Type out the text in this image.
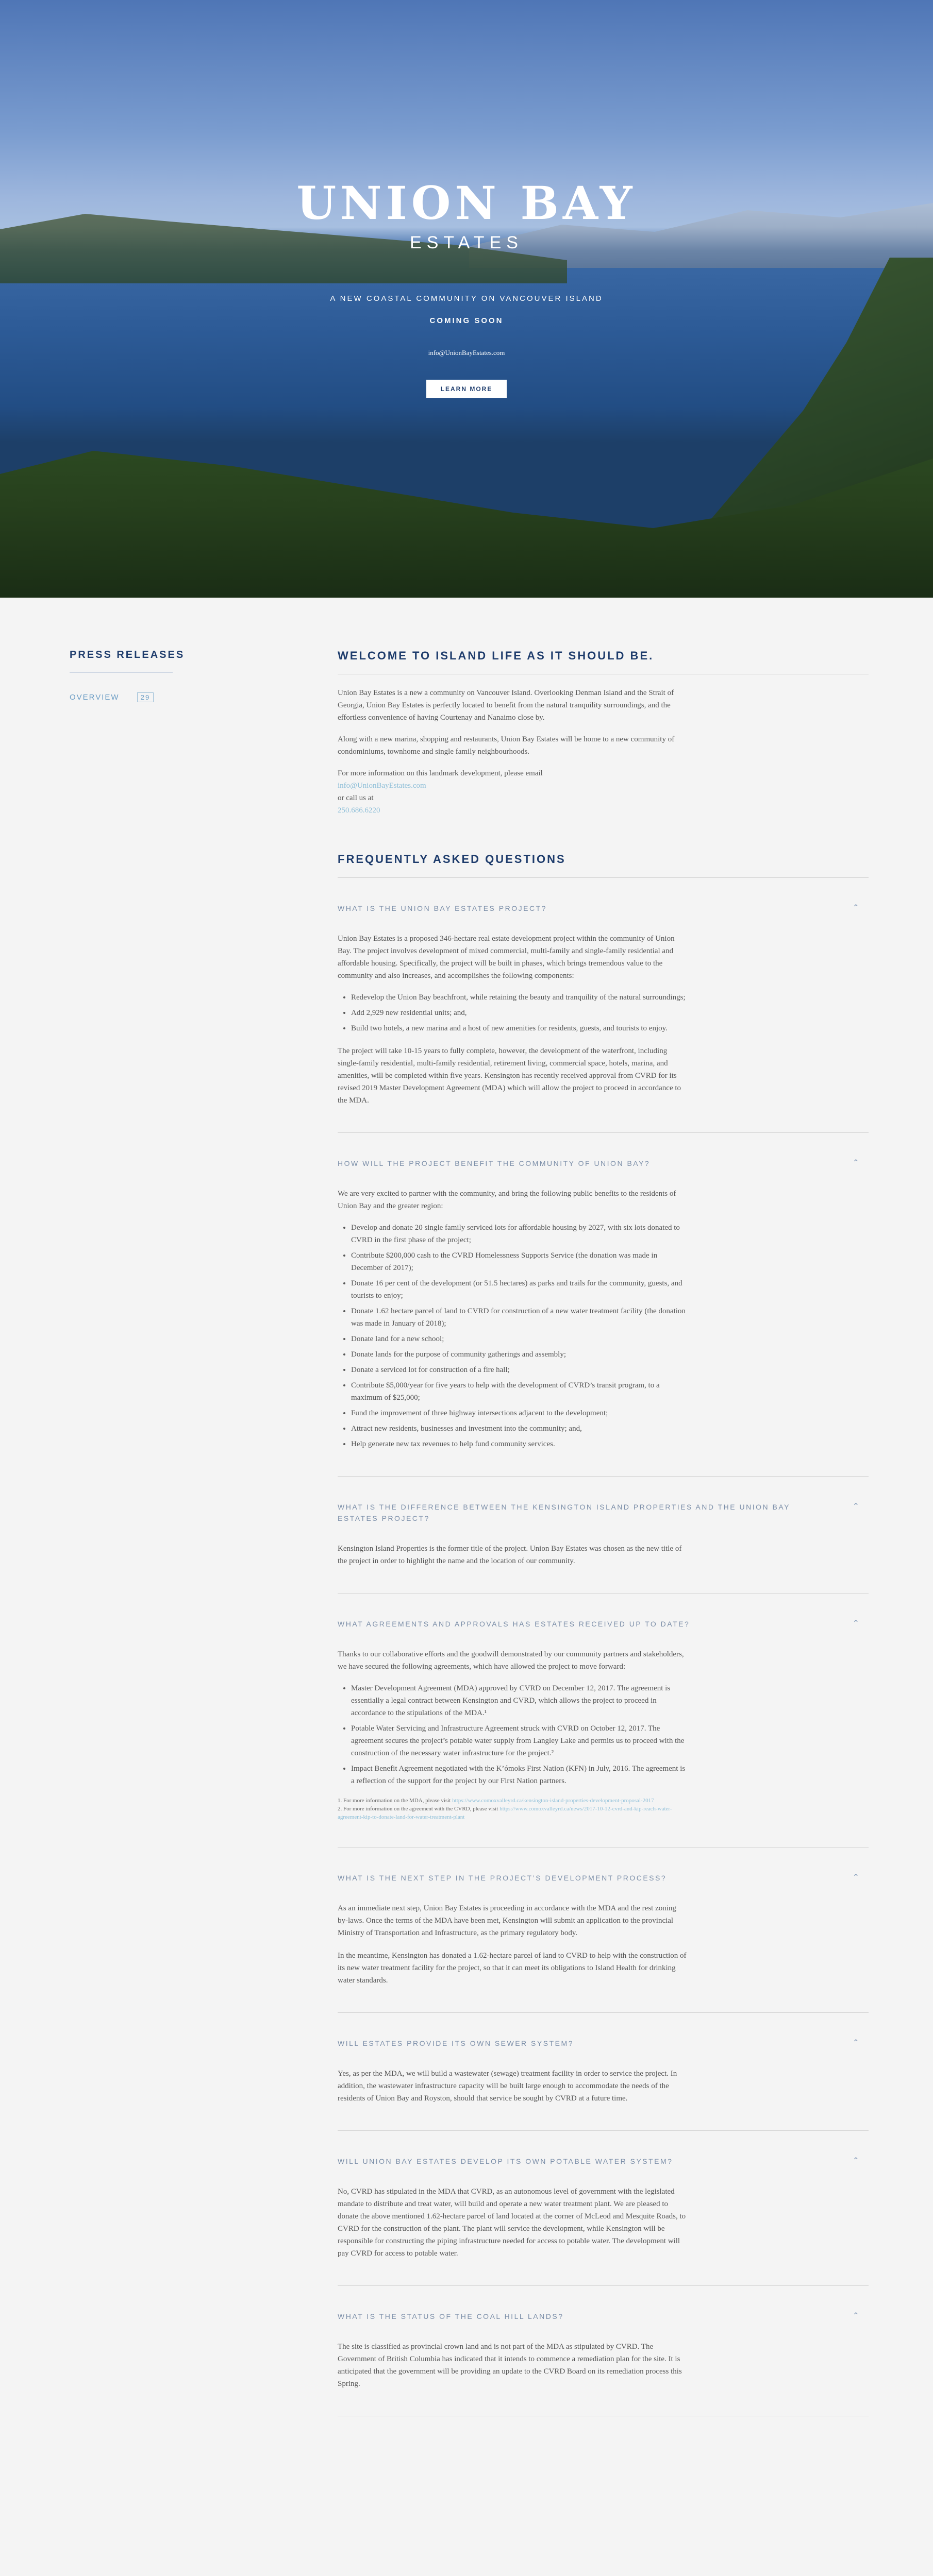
UNION BAY
ESTATES
A NEW COASTAL COMMUNITY ON VANCOUVER ISLAND
COMING SOON
info@UnionBayEstates.com
LEARN MORE
PRESS RELEASES
OVERVIEW	29
WELCOME TO ISLAND LIFE AS IT SHOULD BE.

Union Bay Estates is a new a community on Vancouver Island. Overlooking Denman Island and the Strait of Georgia, Union Bay Estates is perfectly located to benefit from the natural tranquility surroundings, and the effortless convenience of having Courtenay and Nanaimo close by.

Along with a new marina, shopping and restaurants, Union Bay Estates will be home to a new community of condominiums, townhome and single family neighbourhoods.

For more information on this landmark development, please email
info@UnionBayEstates.com
or call us at
250.686.6220

FREQUENTLY ASKED QUESTIONS
WHAT IS THE UNION BAY ESTATES PROJECT?	⌃

Union Bay Estates is a proposed 346-hectare real estate development project within the community of Union Bay. The project involves development of mixed commercial, multi-family and single-family residential and affordable housing. Specifically, the project will be built in phases, which brings tremendous value to the community and also increases, and accomplishes the following components:

• Redevelop the Union Bay beachfront, while retaining the beauty and tranquility of the natural surroundings;
• Add 2,929 new residential units; and,
• Build two hotels, a new marina and a host of new amenities for residents, guests, and tourists to enjoy.

The project will take 10-15 years to fully complete, however, the development of the waterfront, including single-family residential, multi-family residential, retirement living, commercial space, hotels, marina, and amenities, will be completed within five years. Kensington has recently received approval from CVRD for its revised 2019 Master Development Agreement (MDA) which will allow the project to proceed in accordance to the MDA.

HOW WILL THE PROJECT BENEFIT THE COMMUNITY OF UNION BAY?	⌃

We are very excited to partner with the community, and bring the following public benefits to the residents of Union Bay and the greater region:

• Develop and donate 20 single family serviced lots for affordable housing by 2027, with six lots donated to CVRD in the first phase of the project;
• Contribute $200,000 cash to the CVRD Homelessness Supports Service (the donation was made in December of 2017);
• Donate 16 per cent of the development (or 51.5 hectares) as parks and trails for the community, guests, and tourists to enjoy;
• Donate 1.62 hectare parcel of land to CVRD for construction of a new water treatment facility (the donation was made in January of 2018);
• Donate land for a new school;
• Donate lands for the purpose of community gatherings and assembly;
• Donate a serviced lot for construction of a fire hall;
• Contribute $5,000/year for five years to help with the development of CVRD’s transit program, to a maximum of $25,000;
• Fund the improvement of three highway intersections adjacent to the development;
• Attract new residents, businesses and investment into the community; and,
• Help generate new tax revenues to help fund community services.
WHAT IS THE DIFFERENCE BETWEEN THE KENSINGTON ISLAND PROPERTIES AND THE UNION BAY ESTATES PROJECT?
⌃

Kensington Island Properties is the former title of the project. Union Bay Estates was chosen as the new title of the project in order to highlight the name and the location of our community.

WHAT AGREEMENTS AND APPROVALS HAS ESTATES RECEIVED UP TO DATE?	⌃

Thanks to our collaborative efforts and the goodwill demonstrated by our community partners and stakeholders, we have secured the following agreements, which have allowed the project to move forward:

• Master Development Agreement (MDA) approved by CVRD on December 12, 2017. The agreement is essentially a legal contract between Kensington and CVRD, which allows the project to proceed in accordance to the stipulations of the MDA.¹
• Potable Water Servicing and Infrastructure Agreement struck with CVRD on October 12, 2017. The agreement secures the project’s potable water supply from Langley Lake and permits us to proceed with the construction of the necessary water infrastructure for the project.²
• Impact Benefit Agreement negotiated with the K’ómoks First Nation (KFN) in July, 2016. The agreement is a reflection of the support for the project by our First Nation partners.
1. For more information on the MDA, please visit https://www.comoxvalleyrd.ca/kensington-island-properties-development-proposal-2017
2. For more information on the agreement with the CVRD, please visit https://www.comoxvalleyrd.ca/news/2017-10-12-cvrd-and-kip-reach-water-agreement-kip-to-donate-land-for-water-treatment-plant
WHAT IS THE NEXT STEP IN THE PROJECT’S DEVELOPMENT PROCESS?	⌃

As an immediate next step, Union Bay Estates is proceeding in accordance with the MDA and the rest zoning by-laws. Once the terms of the MDA have been met, Kensington will submit an application to the provincial Ministry of Transportation and Infrastructure, as the primary regulatory body.

In the meantime, Kensington has donated a 1.62-hectare parcel of land to CVRD to help with the construction of its new water treatment facility for the project, so that it can meet its obligations to Island Health for drinking water standards.

WILL ESTATES PROVIDE ITS OWN SEWER SYSTEM?	⌃

Yes, as per the MDA, we will build a wastewater (sewage) treatment facility in order to service the project. In addition, the wastewater infrastructure capacity will be built large enough to accommodate the needs of the residents of Union Bay and Royston, should that service be sought by CVRD at a future time.

WILL UNION BAY ESTATES DEVELOP ITS OWN POTABLE WATER SYSTEM?	⌃

No, CVRD has stipulated in the MDA that CVRD, as an autonomous level of government with the legislated mandate to distribute and treat water, will build and operate a new water treatment plant. We are pleased to donate the above mentioned 1.62-hectare parcel of land located at the corner of McLeod and Mesquite Roads, to CVRD for the construction of the plant. The plant will service the development, while Kensington will be responsible for constructing the piping infrastructure needed for access to potable water. The development will pay CVRD for access to potable water.

WHAT IS THE STATUS OF THE COAL HILL LANDS?	⌃

The site is classified as provincial crown land and is not part of the MDA as stipulated by CVRD. The Government of British Columbia has indicated that it intends to commence a remediation plan for the site. It is anticipated that the government will be providing an update to the CVRD Board on its remediation process this Spring.
